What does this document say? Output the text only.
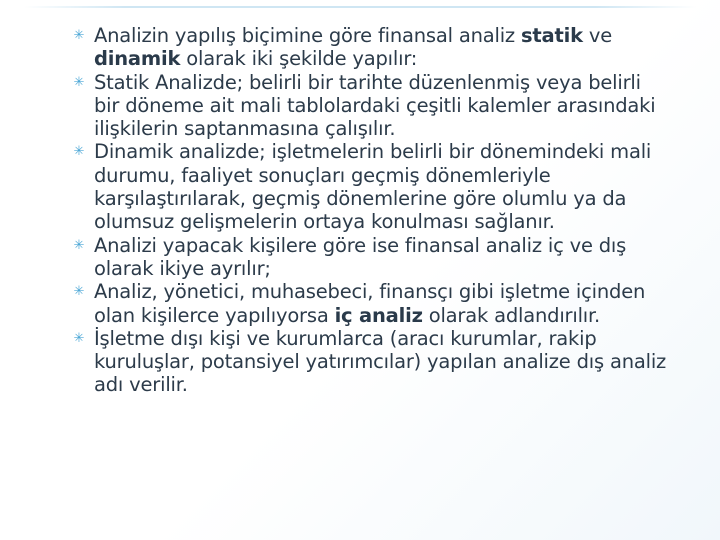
✳ Analizin yapılış biçimine göre finansal analiz statik ve dinamik olarak iki şekilde yapılır:
✳ Statik Analizde; belirli bir tarihte düzenlenmiş veya belirli bir döneme ait mali tablolardaki çeşitli kalemler arasındaki ilişkilerin saptanmasına çalışılır.
✳ Dinamik analizde; işletmelerin belirli bir dönemindeki mali durumu, faaliyet sonuçları geçmiş dönemleriyle karşılaştırılarak, geçmiş dönemlerine göre olumlu ya da olumsuz gelişmelerin ortaya konulması sağlanır.
✳ Analizi yapacak kişilere göre ise finansal analiz iç ve dış olarak ikiye ayrılır;
✳ Analiz, yönetici, muhasebeci, finansçı gibi işletme içinden olan kişilerce yapılıyorsa iç analiz olarak adlandırılır.
✳ İşletme dışı kişi ve kurumlarca (aracı kurumlar, rakip kuruluşlar, potansiyel yatırımcılar) yapılan analize dış analiz adı verilir.
